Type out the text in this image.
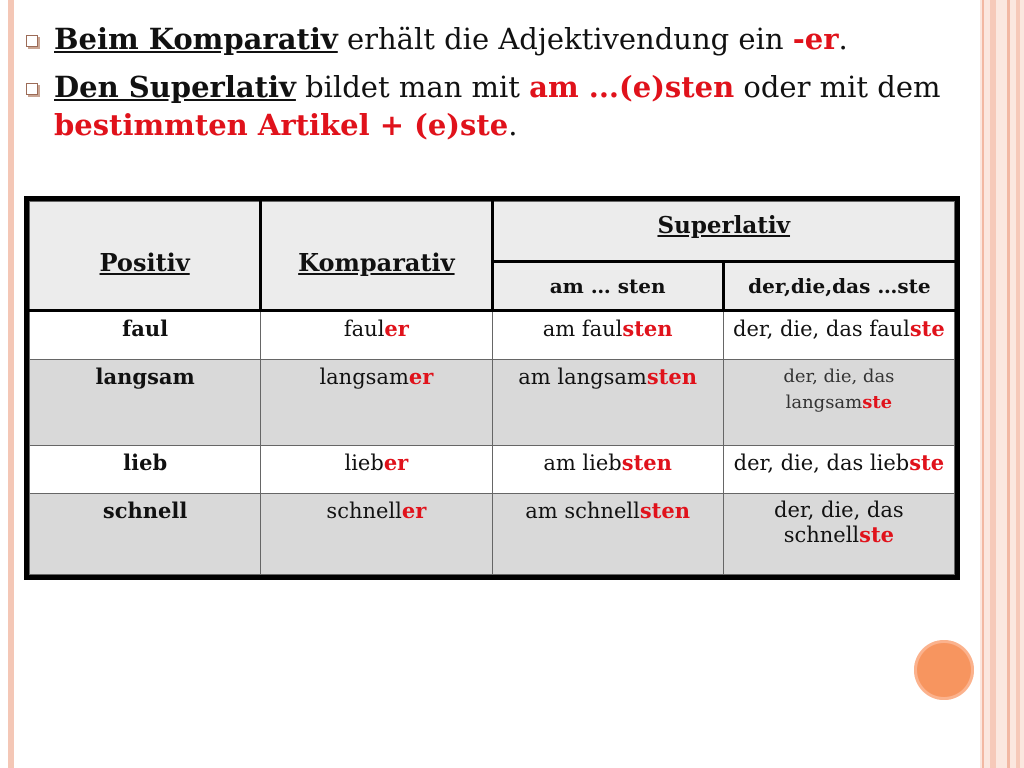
Beim Komparativ erhält die Adjektivendung ein -er.
Den Superlativ bildet man mit am ...(e)sten oder mit dem bestimmten Artikel + (e)ste.
Positiv	Komparativ	Superlativ	
		am … sten	der,die,das …ste
faul	fauler	am faulsten	der, die, das faulste
langsam	langsamer	am langsamsten	der, die, das langsamste
lieb	lieber	am liebsten	der, die, das liebste
schnell	schneller	am schnellsten	der, die, das schnellste
